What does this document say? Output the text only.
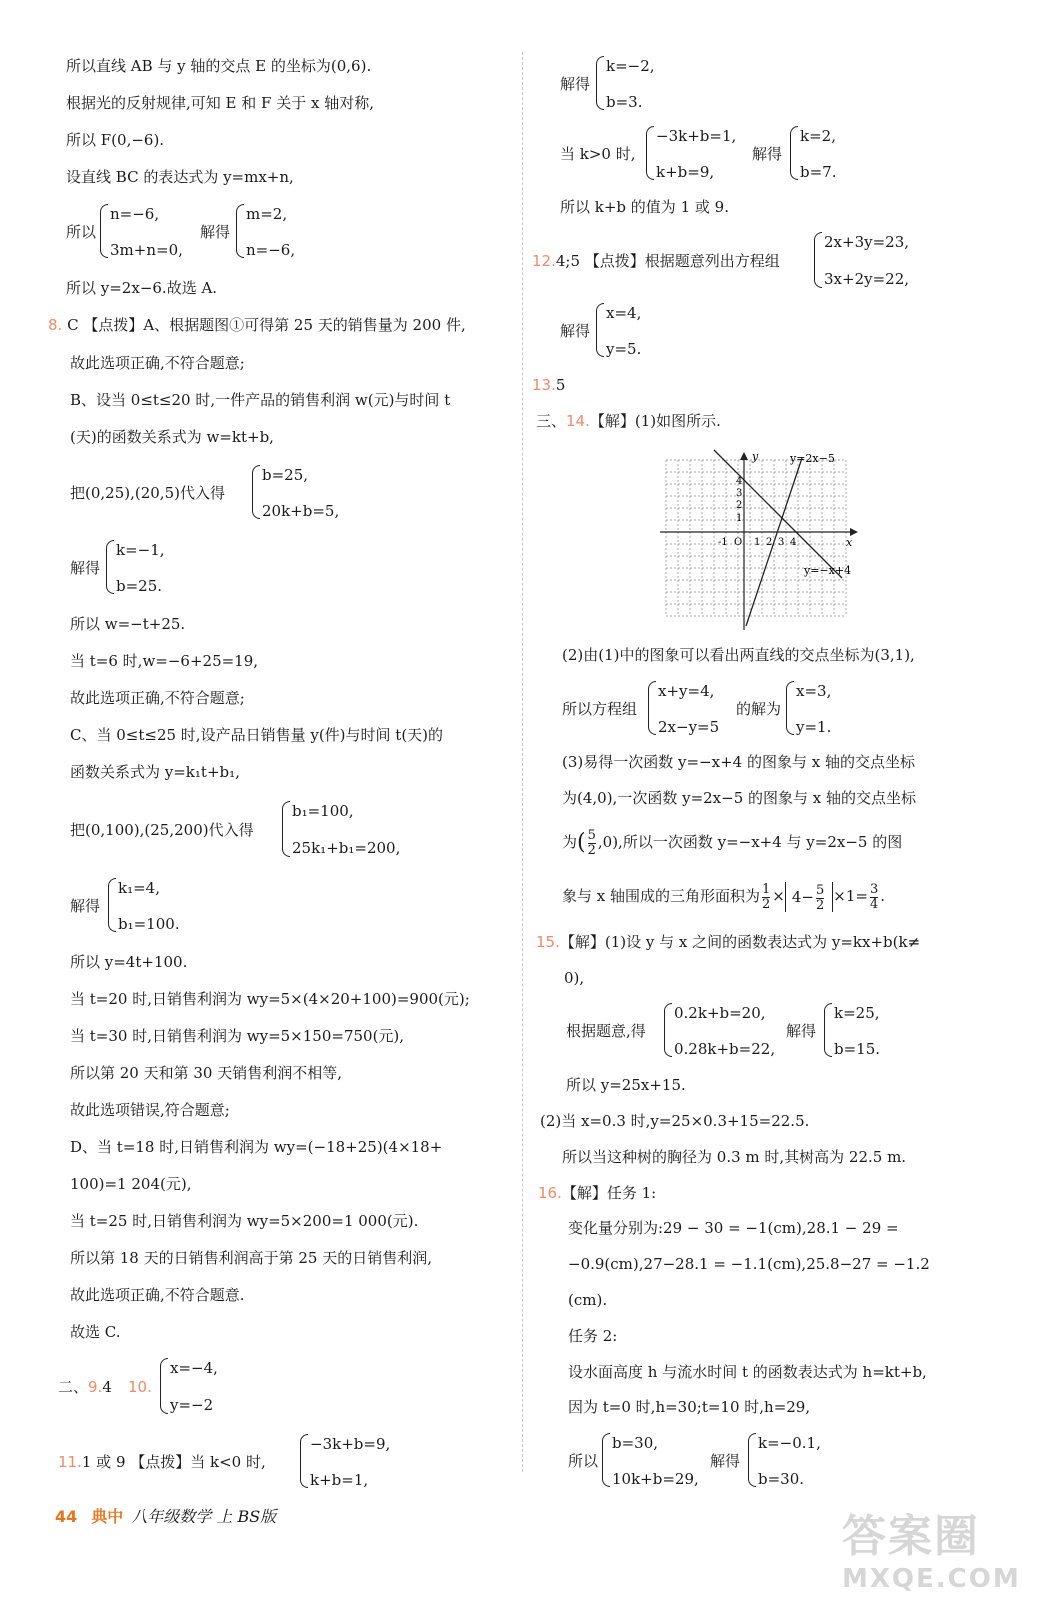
所以直线 AB 与 y 轴的交点 E 的坐标为(0,6).
根据光的反射规律,可知 E 和 F 关于 x 轴对称,
所以 F(0,−6).
设直线 BC 的表达式为 y=mx+n,
所以
n=−6,
3m+n=0,
解得
m=2,
n=−6,
所以 y=2x−6.故选 A.
8. C 【点拨】A、根据题图①可得第 25 天的销售量为 200 件,
故此选项正确,不符合题意;
B、设当 0≤t≤20 时,一件产品的销售利润 w(元)与时间 t
(天)的函数关系式为 w=kt+b,
把(0,25),(20,5)代入得
b=25,
20k+b=5,
解得
k=−1,
b=25.
所以 w=−t+25.
当 t=6 时,w=−6+25=19,
故此选项正确,不符合题意;
C、当 0≤t≤25 时,设产品日销售量 y(件)与时间 t(天)的
函数关系式为 y=k₁t+b₁,
把(0,100),(25,200)代入得
b₁=100,
25k₁+b₁=200,
解得
k₁=4,
b₁=100.
所以 y=4t+100.
当 t=20 时,日销售利润为 wy=5×(4×20+100)=900(元);
当 t=30 时,日销售利润为 wy=5×150=750(元),
所以第 20 天和第 30 天销售利润不相等,
故此选项错误,符合题意;
D、当 t=18 时,日销售利润为 wy=(−18+25)(4×18+
100)=1 204(元),
当 t=25 时,日销售利润为 wy=5×200=1 000(元).
所以第 18 天的日销售利润高于第 25 天的日销售利润,
故此选项正确,不符合题意.
故选 C.
二、9.4 10.
x=−4,
y=−2
11.1 或 9 【点拨】当 k<0 时,
−3k+b=9,
k+b=1,
解得
k=−2,
b=3.
当 k>0 时,
−3k+b=1,
k+b=9,
解得
k=2,
b=7.
所以 k+b 的值为 1 或 9.
12.4;5 【点拨】根据题意列出方程组
2x+3y=23,
3x+2y=22,
解得
x=4,
y=5.
13.5
三、14.【解】(1)如图所示.
(2)由(1)中的图象可以看出两直线的交点坐标为(3,1),
所以方程组
x+y=4,
2x−y=5
的解为
x=3,
y=1.
(3)易得一次函数 y=−x+4 的图象与 x 轴的交点坐标
为(4,0),一次函数 y=2x−5 的图象与 x 轴的交点坐标
为( $\frac{5}{2} ,0$),所以一次函数 y=−x+4 与 y=2x−5 的图
象与 x 轴围成的三角形面积为 $\frac{1}{2} \times 4- \frac{5}{2} \times 1= \frac{3}{4}$ .
15.【解】(1)设 y 与 x 之间的函数表达式为 y=kx+b(k≠
0),
根据题意,得
0.2k+b=20,
0.28k+b=22,
解得
k=25,
b=15.
所以 y=25x+15.
(2)当 x=0.3 时,y=25×0.3+15=22.5.
所以当这种树的胸径为 0.3 m 时,其树高为 22.5 m.
16.【解】任务 1:
变化量分别为:29 − 30 = −1(cm),28.1 − 29 =
−0.9(cm),27−28.1 = −1.1(cm),25.8−27 = −1.2
(cm).
任务 2:
设水面高度 h 与流水时间 t 的函数表达式为 h=kt+b,
因为 t=0 时,h=30;t=10 时,h=29,
所以
b=30,
10k+b=29,
解得
k=−0.1,
b=30.
y
x
O
y=2x−5
y=−x+4
4
3
2
1
-1	1 2 3 4
44 典中 八年级数学 上 BS版	答案圈
MXQE.COM
